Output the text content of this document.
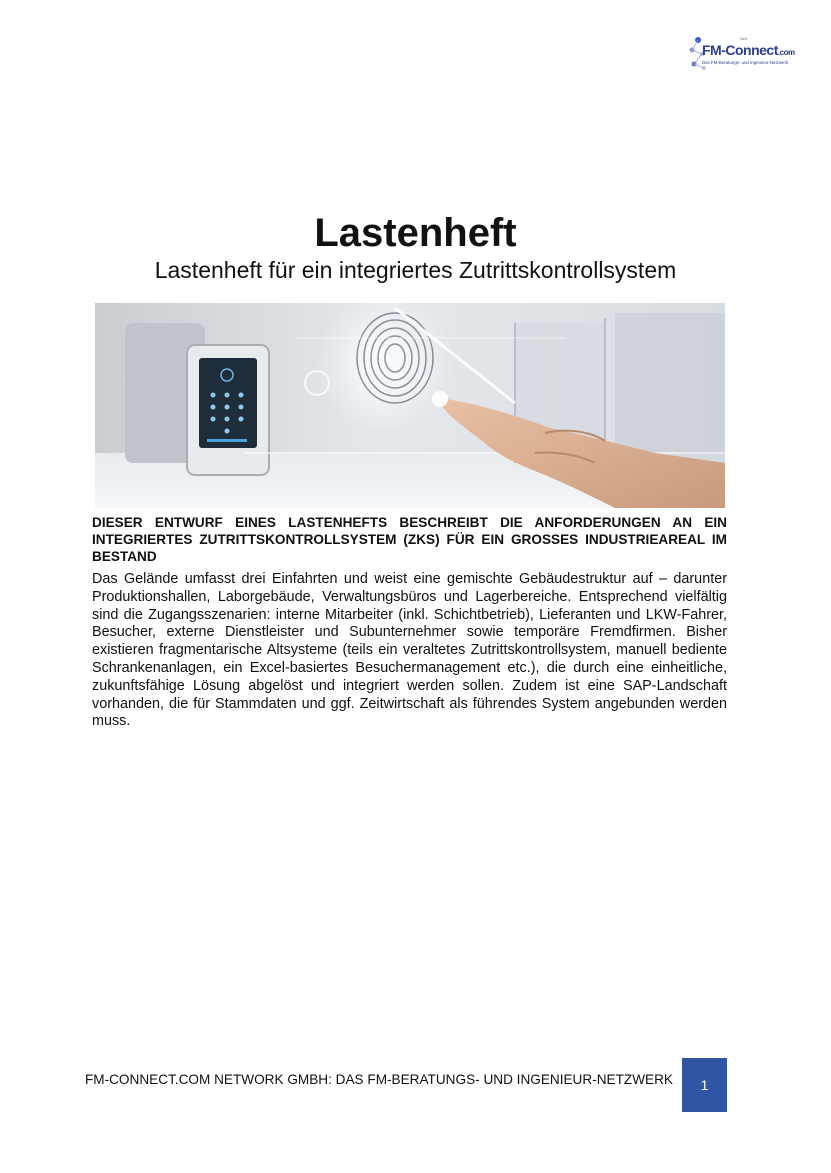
Seit
FM-Connect.com
Das FM-Beratungs- und Ingenieur-Netzwerk
Lastenheft

Lastenheft für ein integriertes Zutrittskontrollsystem

DIESER ENTWURF EINES LASTENHEFTS BESCHREIBT DIE ANFORDERUNGEN AN EIN INTEGRIERTES ZUTRITTSKONTROLLSYSTEM (ZKS) FÜR EIN GROSSES INDUSTRIEAREAL IM BESTAND

Das Gelände umfasst drei Einfahrten und weist eine gemischte Gebäudestruktur auf – darunter Produktionshallen, Laborgebäude, Verwaltungsbüros und Lagerbereiche. Entsprechend vielfältig sind die Zugangsszenarien: interne Mitarbeiter (inkl. Schichtbetrieb), Lieferanten und LKW-Fahrer, Besucher, externe Dienstleister und Subunternehmer sowie temporäre Fremdfirmen. Bisher existieren fragmentarische Altsysteme (teils ein veraltetes Zutrittskontrollsystem, manuell bediente Schrankenanlagen, ein Excel-basiertes Besuchermanagement etc.), die durch eine einheitliche, zukunftsfähige Lösung abgelöst und integriert werden sollen. Zudem ist eine SAP-Landschaft vorhanden, die für Stammdaten und ggf. Zeitwirtschaft als führendes System angebunden werden muss.

FM-CONNECT.COM NETWORK GMBH: DAS FM-BERATUNGS- UND INGENIEUR-NETZWERK	1
